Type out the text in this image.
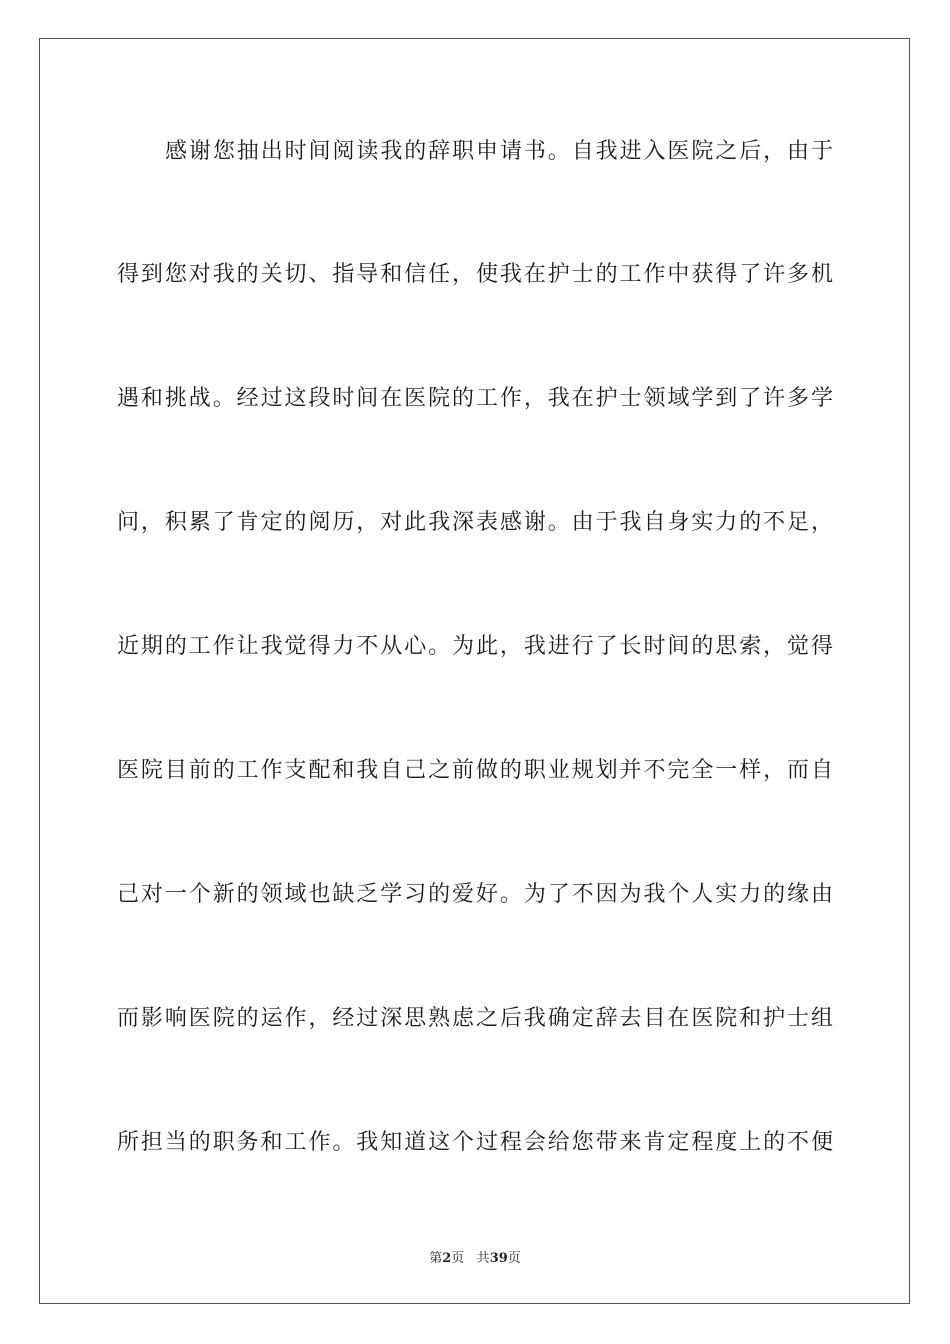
感谢您抽出时间阅读我的辞职申请书。自我进入医院之后，由于
得到您对我的关切、指导和信任，使我在护士的工作中获得了许多机
遇和挑战。经过这段时间在医院的工作，我在护士领域学到了许多学
问，积累了肯定的阅历，对此我深表感谢。由于我自身实力的不足，
近期的工作让我觉得力不从心。为此，我进行了长时间的思索，觉得
医院目前的工作支配和我自己之前做的职业规划并不完全一样，而自
己对一个新的领域也缺乏学习的爱好。为了不因为我个人实力的缘由
而影响医院的运作，经过深思熟虑之后我确定辞去目在医院和护士组
所担当的职务和工作。我知道这个过程会给您带来肯定程度上的不便
第2页 共39页
